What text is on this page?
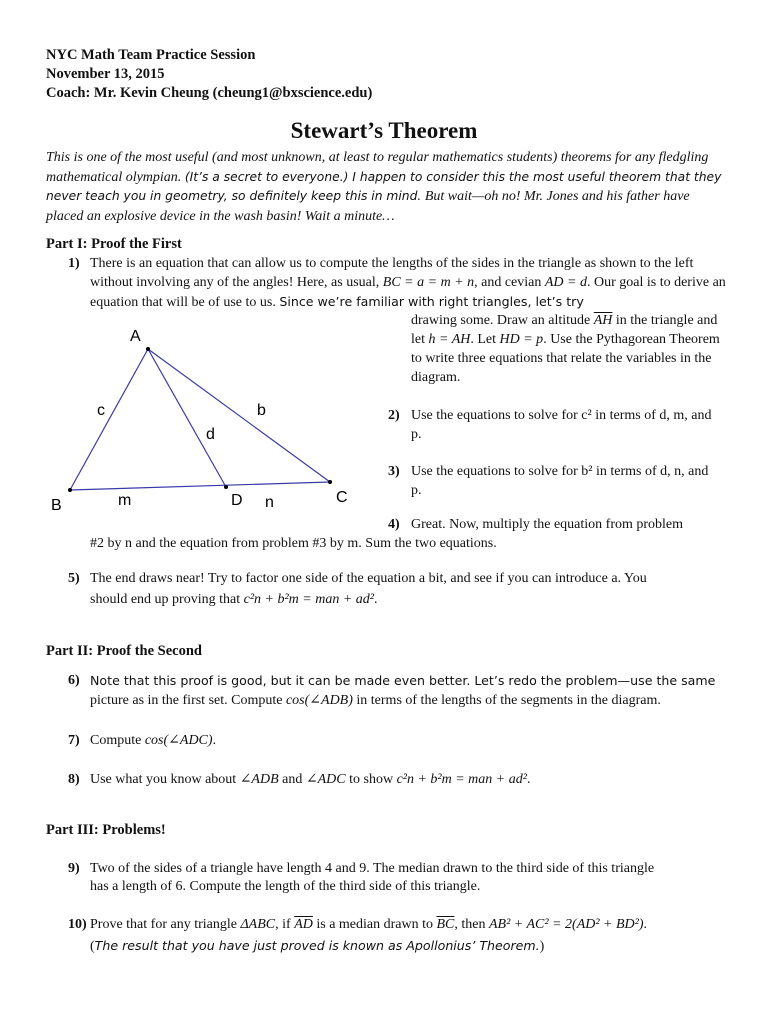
NYC Math Team Practice Session
November 13, 2015
Coach: Mr. Kevin Cheung (cheung1@bxscience.edu)
Stewart’s Theorem
This is one of the most useful (and most unknown, at least to regular mathematics students) theorems for any fledgling mathematical olympian. (It’s a secret to everyone.) I happen to consider this the most useful theorem that they never teach you in geometry, so definitely keep this in mind. But wait—oh no! Mr. Jones and his father have placed an explosive device in the wash basin! Wait a minute…
Part I: Proof the First
1) There is an equation that can allow us to compute the lengths of the sides in the triangle as shown to the left without involving any of the angles! Here, as usual, BC = a = m + n, and cevian AD = d. Our goal is to derive an equation that will be of use to us. Since we’re familiar with right triangles, let’s try
drawing some. Draw an altitude $\overline{AH}$ in the triangle and let h = AH. Let HD = p. Use the Pythagorean Theorem to write three equations that relate the variables in the diagram.
A
B	C
D
c	b
d
m	n
2) Use the equations to solve for c² in terms of d, m, and p.
3) Use the equations to solve for b² in terms of d, n, and p.
4) Great. Now, multiply the equation from problem
#2 by n and the equation from problem #3 by m. Sum the two equations.
5) The end draws near! Try to factor one side of the equation a bit, and see if you can introduce a. You
should end up proving that c²n + b²m = man + ad².
Part II: Proof the Second
6) Note that this proof is good, but it can be made even better. Let’s redo the problem—use the same
picture as in the first set. Compute cos(∠ADB) in terms of the lengths of the segments in the diagram.
7) Compute cos(∠ADC).
8) Use what you know about ∠ADB and ∠ADC to show c²n + b²m = man + ad².
Part III: Problems!
9) Two of the sides of a triangle have length 4 and 9. The median drawn to the third side of this triangle
has a length of 6. Compute the length of the third side of this triangle.
10) Prove that for any triangle ΔABC, if $\overline{AD}$ is a median drawn to $\overline{BC}$, then AB² + AC² = 2(AD² + BD²).
(The result that you have just proved is known as Apollonius’ Theorem.)
